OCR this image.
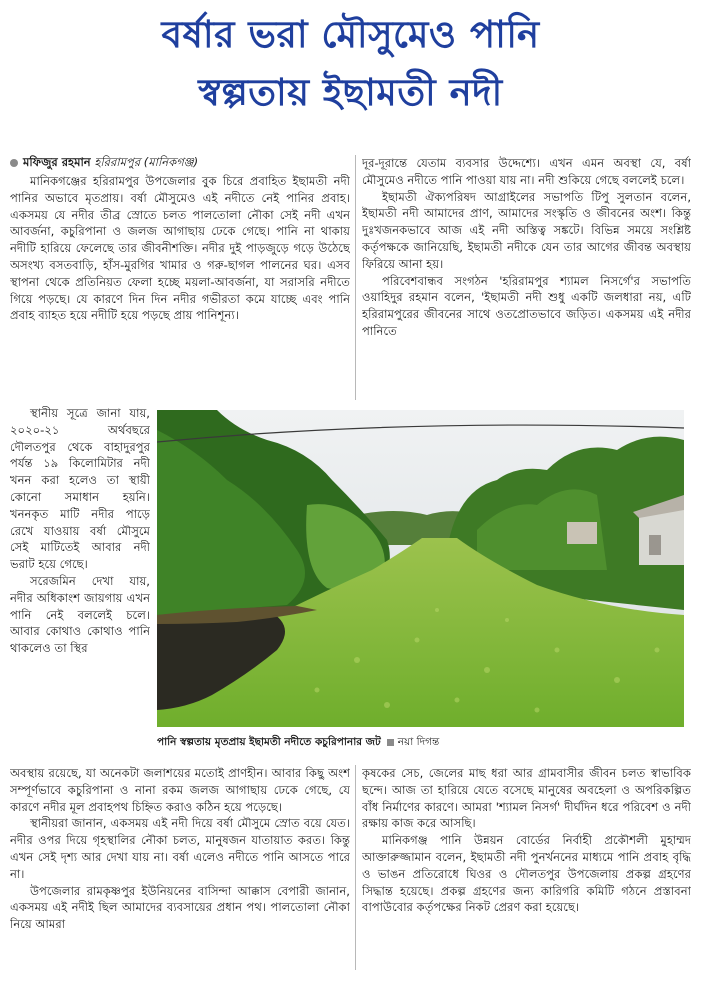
বর্ষার ভরা মৌসুমেও পানি
স্বল্পতায় ইছামতী নদী
মফিজুর রহমান হরিরামপুর (মানিকগঞ্জ)

মানিকগঞ্জের হরিরামপুর উপজেলার বুক চিরে প্রবাহিত ইছামতী নদী পানির অভাবে মৃতপ্রায়। বর্ষা মৌসুমেও এই নদীতে নেই পানির প্রবাহ। একসময় যে নদীর তীব্র স্রোতে চলত পালতোলা নৌকা সেই নদী এখন আবর্জনা, কচুরিপানা ও জলজ আগাছায় ঢেকে গেছে। পানি না থাকায় নদীটি হারিয়ে ফেলেছে তার জীবনীশক্তি। নদীর দুই পাড়জুড়ে গড়ে উঠেছে অসংখ্য বসতবাড়ি, হাঁস-মুরগির খামার ও গরু-ছাগল পালনের ঘর। এসব স্থাপনা থেকে প্রতিনিয়ত ফেলা হচ্ছে ময়লা-আবর্জনা, যা সরাসরি নদীতে গিয়ে পড়ছে। যে কারণে দিন দিন নদীর গভীরতা কমে যাচ্ছে এবং পানি প্রবাহ ব্যাহত হয়ে নদীটি হয়ে পড়ছে প্রায় পানিশূন্য।

দূর-দূরান্তে যেতাম ব্যবসার উদ্দেশ্যে। এখন এমন অবস্থা যে, বর্ষা মৌসুমেও নদীতে পানি পাওয়া যায় না। নদী শুকিয়ে গেছে বললেই চলে।

ইছামতী ঐক্যপরিষদ আগ্রাইলের সভাপতি টিপু সুলতান বলেন, ইছামতী নদী আমাদের প্রাণ, আমাদের সংস্কৃতি ও জীবনের অংশ। কিন্তু দুঃখজনকভাবে আজ এই নদী অস্তিত্ব সঙ্কটে। বিভিন্ন সময়ে সংশ্লিষ্ট কর্তৃপক্ষকে জানিয়েছি, ইছামতী নদীকে যেন তার আগের জীবন্ত অবস্থায় ফিরিয়ে আনা হয়।

পরিবেশবান্ধব সংগঠন 'হরিরামপুর শ্যামল নিসর্গে'র সভাপতি ওয়াহিদুর রহমান বলেন, 'ইছামতী নদী শুধু একটি জলধারা নয়, এটি হরিরামপুরের জীবনের সাথে ওতপ্রোতভাবে জড়িত। একসময় এই নদীর পানিতে

স্থানীয় সূত্রে জানা যায়, ২০২০-২১ অর্থবছরে দৌলতপুর থেকে বাহাদুরপুর পর্যন্ত ১৯ কিলোমিটার নদী খনন করা হলেও তা স্থায়ী কোনো সমাধান হয়নি। খননকৃত মাটি নদীর পাড়ে রেখে যাওয়ায় বর্ষা মৌসুমে সেই মাটিতেই আবার নদী ভরাট হয়ে গেছে।

সরেজমিন দেখা যায়, নদীর অধিকাংশ জায়গায় এখন পানি নেই বললেই চলে। আবার কোথাও কোথাও পানি থাকলেও তা স্থির

পানি স্বল্পতায় মৃতপ্রায় ইছামতী নদীতে কচুরিপানার জট নয়া দিগন্ত

অবস্থায় রয়েছে, যা অনেকটা জলাশয়ের মতোই প্রাণহীন। আবার কিছু অংশ সম্পূর্ণভাবে কচুরিপানা ও নানা রকম জলজ আগাছায় ঢেকে গেছে, যে কারণে নদীর মূল প্রবাহপথ চিহ্নিত করাও কঠিন হয়ে পড়েছে।

স্থানীয়রা জানান, একসময় এই নদী দিয়ে বর্ষা মৌসুমে স্রোত বয়ে যেত। নদীর ওপর দিয়ে গৃহস্থালির নৌকা চলত, মানুষজন যাতায়াত করত। কিন্তু এখন সেই দৃশ্য আর দেখা যায় না। বর্ষা এলেও নদীতে পানি আসতে পারে না।

উপজেলার রামকৃষ্ণপুর ইউনিয়নের বাসিন্দা আক্কাস বেপারী জানান, একসময় এই নদীই ছিল আমাদের ব্যবসায়ের প্রধান পথ। পালতোলা নৌকা নিয়ে আমরা

কৃষকের সেচ, জেলের মাছ ধরা আর গ্রামবাসীর জীবন চলত স্বাভাবিক ছন্দে। আজ তা হারিয়ে যেতে বসেছে মানুষের অবহেলা ও অপরিকল্পিত বাঁধ নির্মাণের কারণে। আমরা 'শ্যামল নিসর্গ' দীর্ঘদিন ধরে পরিবেশ ও নদী রক্ষায় কাজ করে আসছি।

মানিকগঞ্জ পানি উন্নয়ন বোর্ডের নির্বাহী প্রকৌশলী মুহাম্মদ আক্তারুজ্জামান বলেন, ইছামতী নদী পুনর্খননের মাধ্যমে পানি প্রবাহ বৃদ্ধি ও ভাঙন প্রতিরোধে ঘিওর ও দৌলতপুর উপজেলায় প্রকল্প গ্রহণের সিদ্ধান্ত হয়েছে। প্রকল্প গ্রহণের জন্য কারিগরি কমিটি গঠনে প্রস্তাবনা বাপাউবোর কর্তৃপক্ষের নিকট প্রেরণ করা হয়েছে।
